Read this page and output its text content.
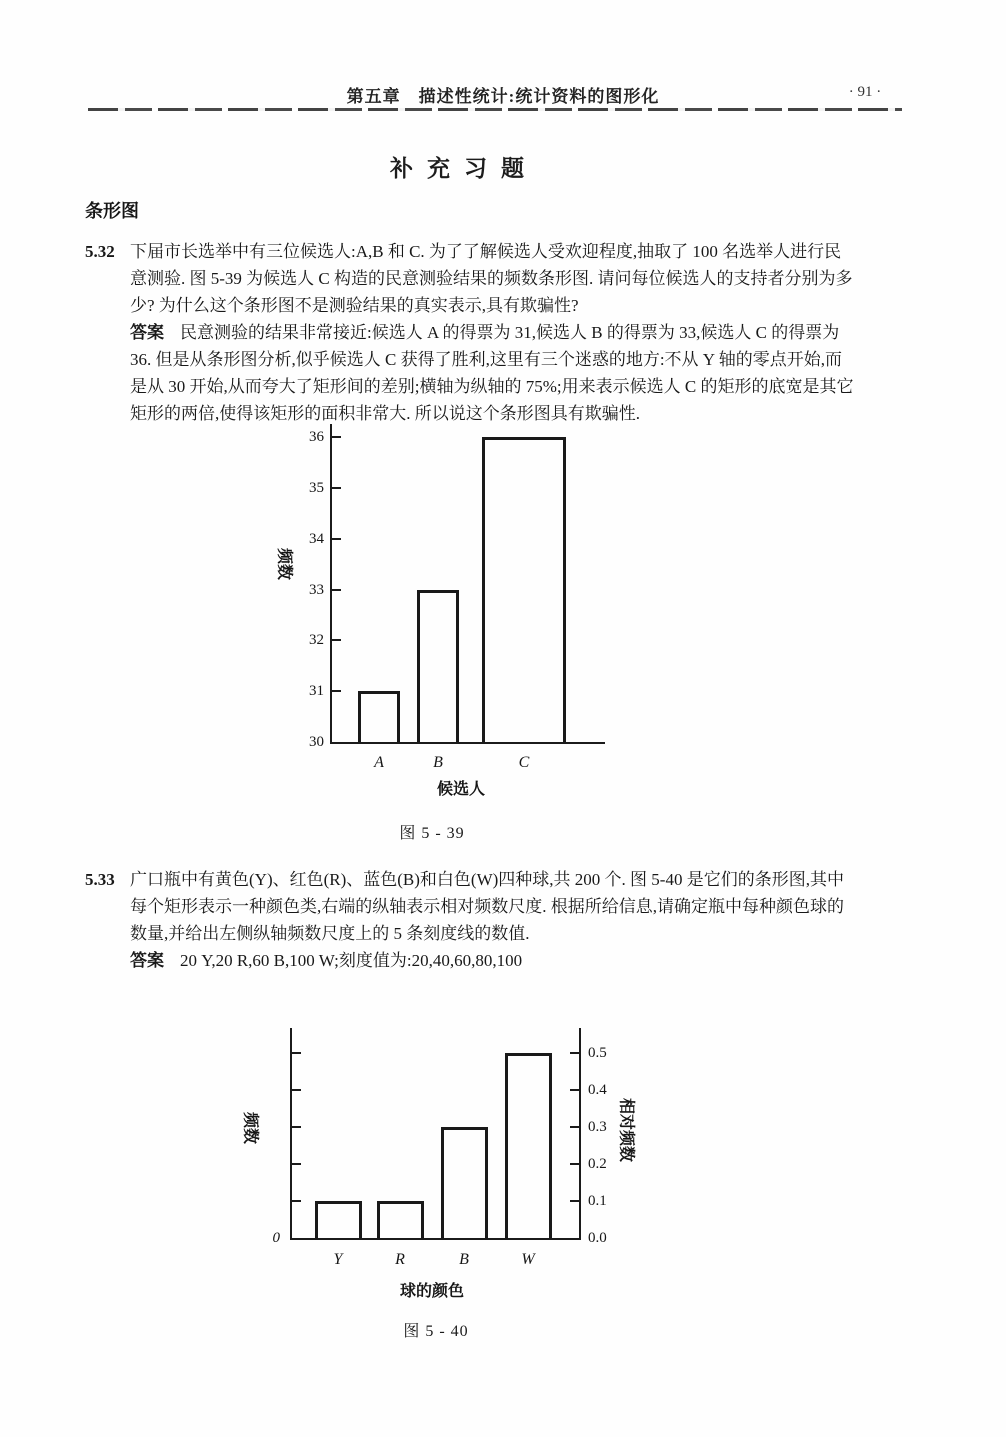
第五章　描述性统计:统计资料的图形化	· 91 ·
补充习题
条形图
5.32 下届市长选举中有三位候选人:A,B 和 C. 为了了解候选人受欢迎程度,抽取了 100 名选举人进行民
意测验. 图 5-39 为候选人 C 构造的民意测验结果的频数条形图. 请问每位候选人的支持者分别为多
少? 为什么这个条形图不是测验结果的真实表示,具有欺骗性?
答案 民意测验的结果非常接近:候选人 A 的得票为 31,候选人 B 的得票为 33,候选人 C 的得票为
36. 但是从条形图分析,似乎候选人 C 获得了胜利,这里有三个迷惑的地方:不从 Y 轴的零点开始,而
是从 30 开始,从而夸大了矩形间的差别;横轴为纵轴的 75%;用来表示候选人 C 的矩形的底宽是其它
矩形的两倍,使得该矩形的面积非常大. 所以说这个条形图具有欺骗性.
30
31
32
33
34
35
36
A	B	C
频数
候选人
图 5 - 39
5.33 广口瓶中有黄色(Y)、红色(R)、蓝色(B)和白色(W)四种球,共 200 个. 图 5-40 是它们的条形图,其中
每个矩形表示一种颜色类,右端的纵轴表示相对频数尺度. 根据所给信息,请确定瓶中每种颜色球的
数量,并给出左侧纵轴频数尺度上的 5 条刻度线的数值.
答案 20 Y,20 R,60 B,100 W;刻度值为:20,40,60,80,100
0	0.0
0.1
0.2
0.3
0.4
0.5
Y	R	B	W
频数	相对频数
球的颜色
图 5 - 40
